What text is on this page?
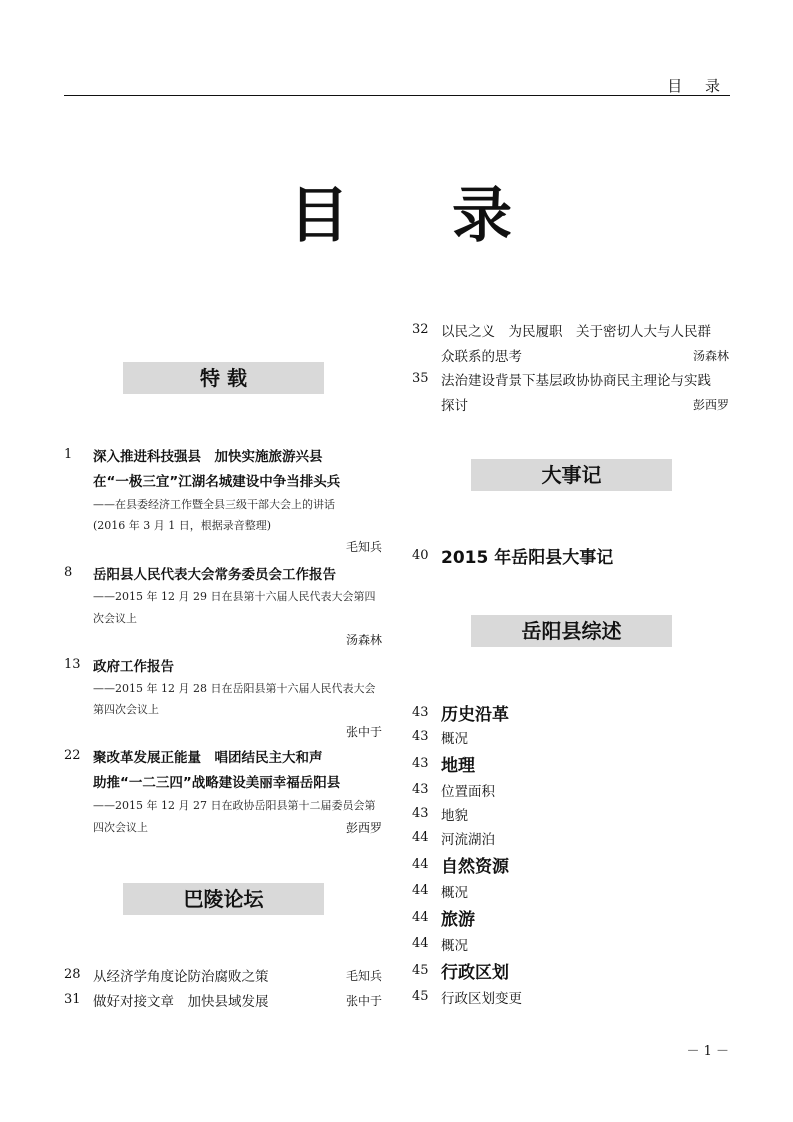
目 录
目 录
特 载
1 深入推进科技强县　加快实施旅游兴县
在“一极三宜”江湖名城建设中争当排头兵
——在县委经济工作暨全县三级干部大会上的讲话
(2016 年 3 月 1 日，根据录音整理)
毛知兵
8 岳阳县人民代表大会常务委员会工作报告
——2015 年 12 月 29 日在县第十六届人民代表大会第四
次会议上
汤森林
13 政府工作报告
——2015 年 12 月 28 日在岳阳县第十六届人民代表大会
第四次会议上
张中于
22 聚改革发展正能量　唱团结民主大和声
助推“一二三四”战略建设美丽幸福岳阳县
——2015 年 12 月 27 日在政协岳阳县第十二届委员会第
四次会议上	彭西罗
巴陵论坛
28 从经济学角度论防治腐败之策	毛知兵
31 做好对接文章　加快县域发展	张中于
32 以民之义　为民履职　关于密切人大与人民群
众联系的思考	汤森林
35 法治建设背景下基层政协协商民主理论与实践
探讨	彭西罗
大事记
40 2015 年岳阳县大事记
岳阳县综述
43 历史沿革
43 概况
43 地理
43 位置面积
43 地貌
44 河流湖泊
44 自然资源
44 概况
44 旅游
44 概况
45 行政区划
45 行政区划变更
－ 1 －
